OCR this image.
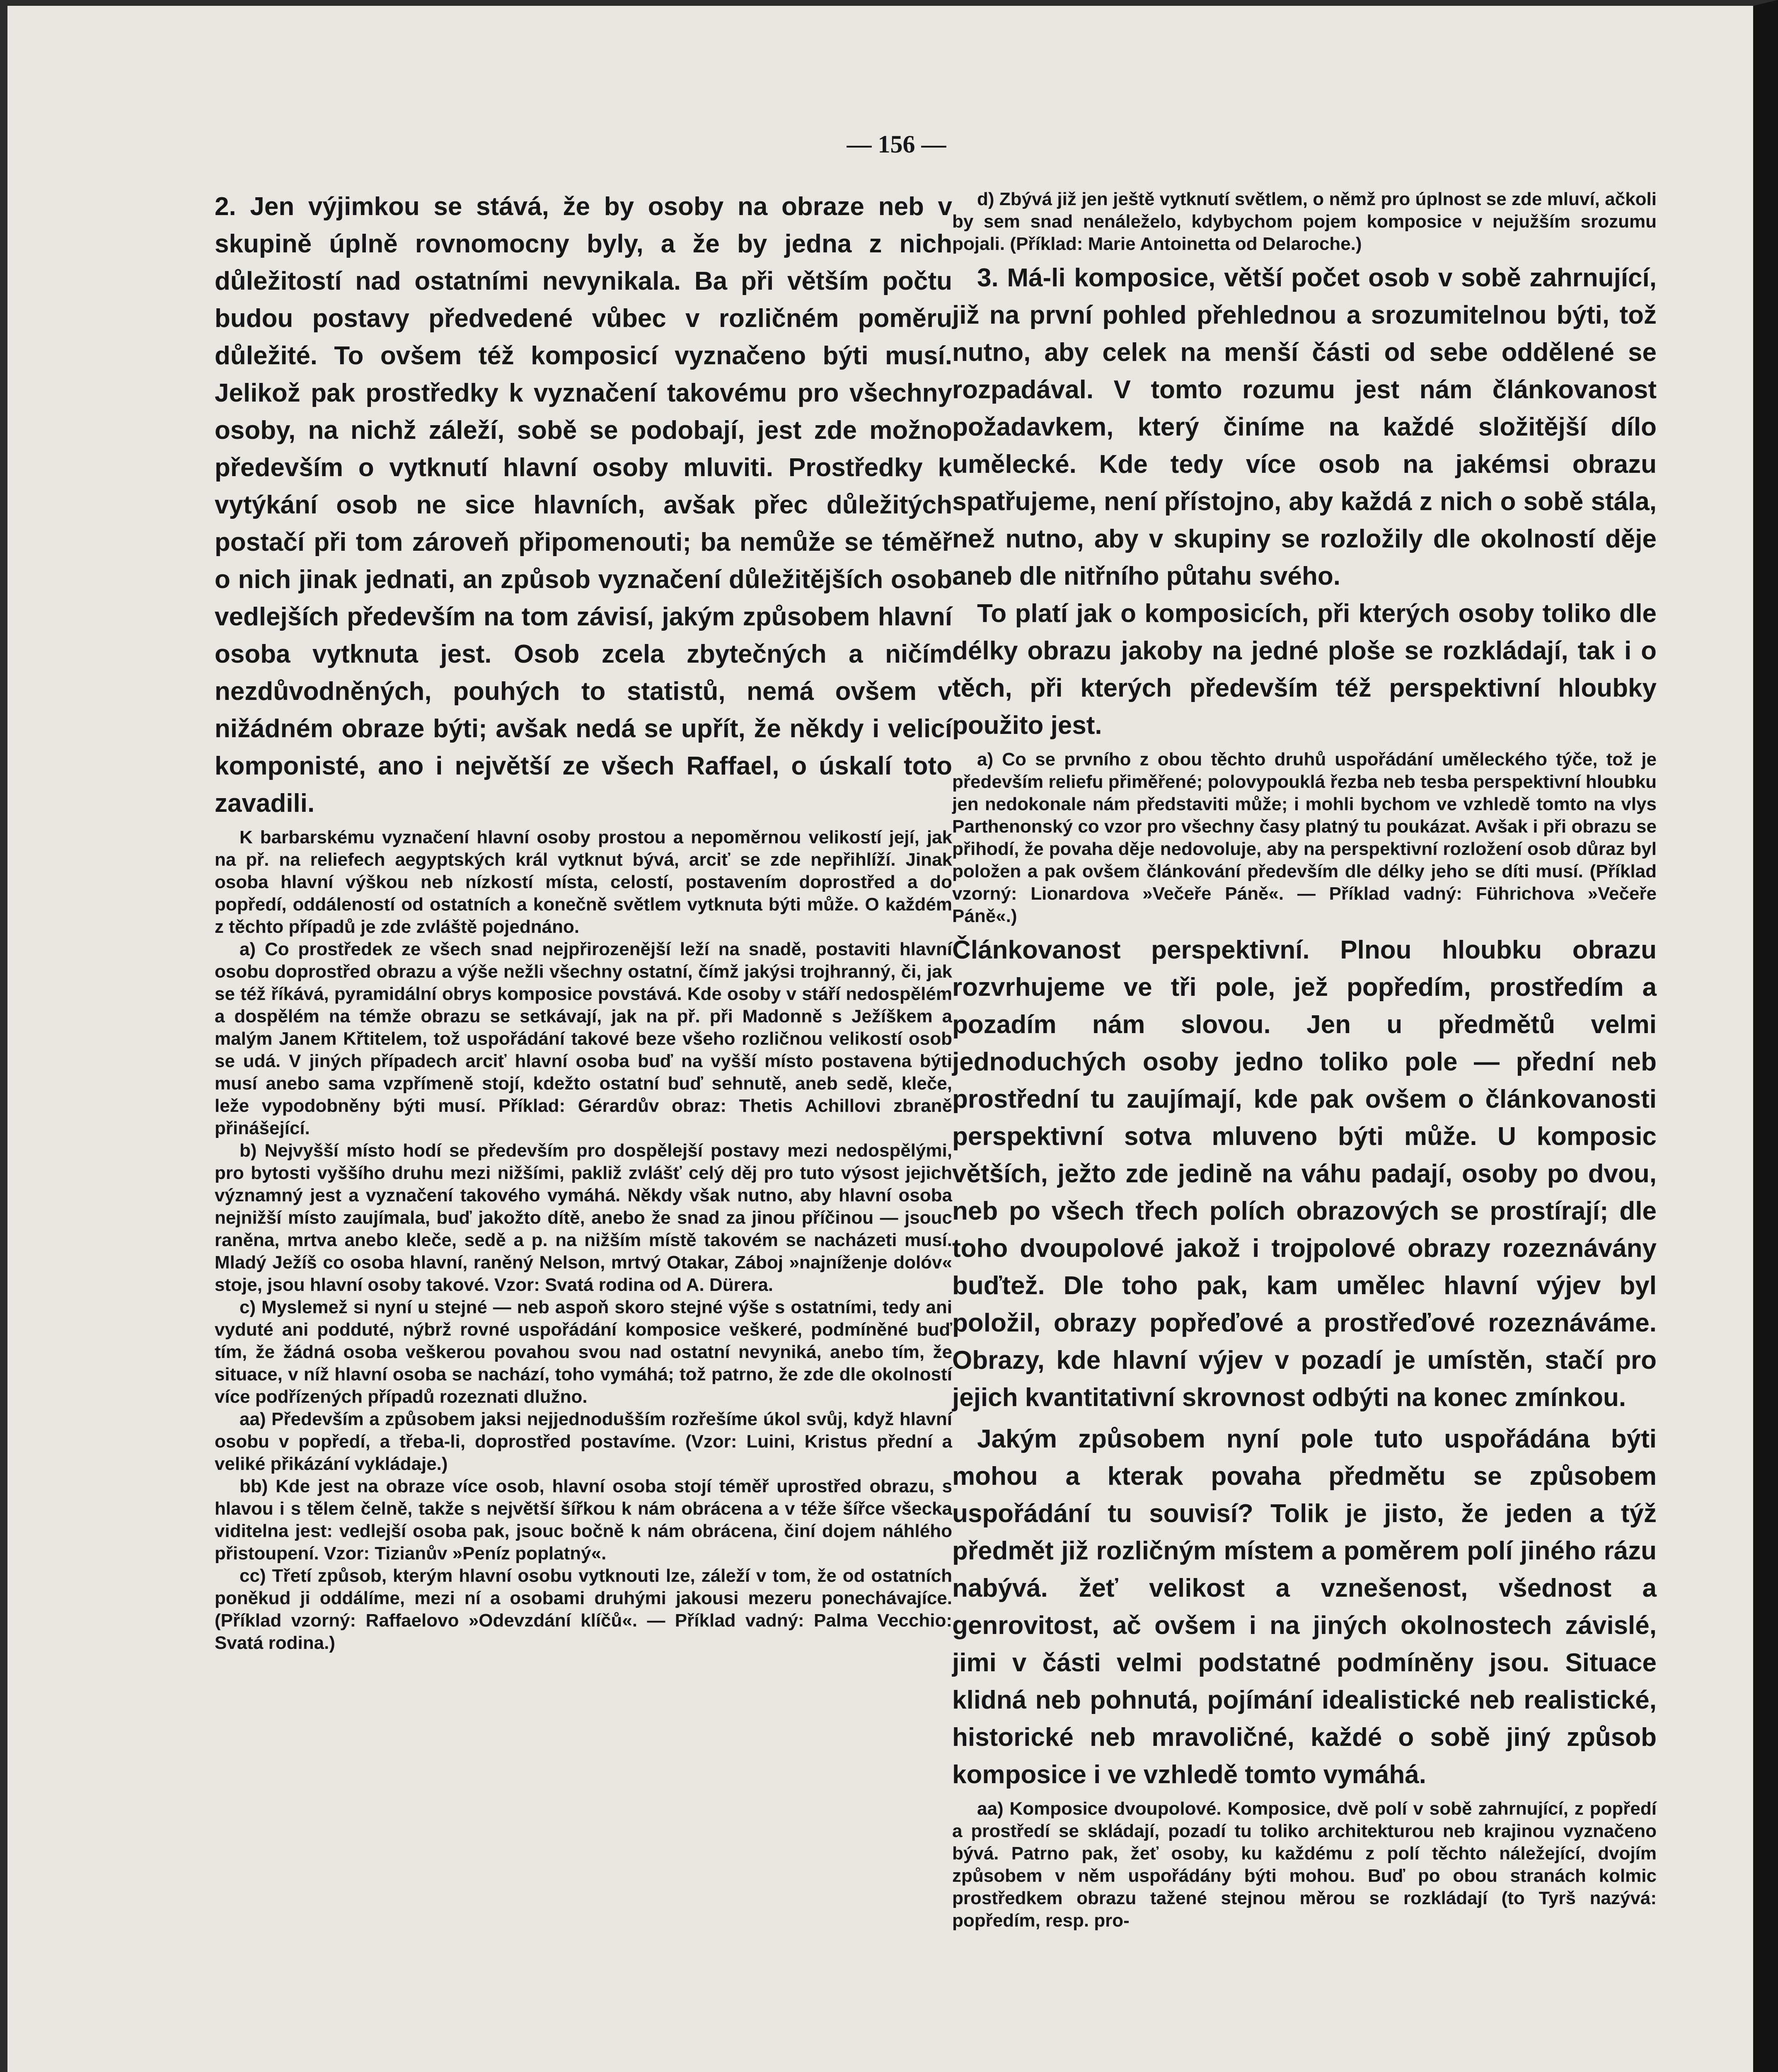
— 156 —

2. Jen výjimkou se stává, že by osoby na obraze neb v skupině úplně rovnomocny byly, a že by jedna z nich důležitostí nad ostatními nevynikala. Ba při větším počtu budou postavy předvedené vůbec v rozličném poměru důležité. To ovšem též komposicí vyznačeno býti musí. Jelikož pak prostředky k vyznačení takovému pro všechny osoby, na nichž záleží, sobě se podobají, jest zde možno především o vytknutí hlavní osoby mluviti. Prostředky k vytýkání osob ne sice hlavních, avšak přec důležitých postačí při tom zároveň připomenouti; ba nemůže se téměř o nich jinak jednati, an způsob vyznačení důležitějších osob vedlejších především na tom závisí, jakým způsobem hlavní osoba vytknuta jest. Osob zcela zbytečných a ničím nezdůvodněných, pouhých to statistů, nemá ovšem v nižádném obraze býti; avšak nedá se upřít, že někdy i velicí komponisté, ano i největší ze všech Raffael, o úskalí toto zavadili.

K barbarskému vyznačení hlavní osoby prostou a nepoměrnou velikostí její, jak na př. na reliefech aegyptských král vytknut bývá, arciť se zde nepřihlíží. Jinak osoba hlavní výškou neb nízkostí místa, celostí, postavením doprostřed a do popředí, oddáleností od ostatních a konečně světlem vytknuta býti může. O každém z těchto případů je zde zvláště pojednáno.

a) Co prostředek ze všech snad nejpřirozenější leží na snadě, postaviti hlavní osobu doprostřed obrazu a výše nežli všechny ostatní, čímž jakýsi trojhranný, či, jak se též říkává, pyramidální obrys komposice povstává. Kde osoby v stáří nedospělém a dospělém na témže obrazu se setkávají, jak na př. při Madonně s Ježíškem a malým Janem Křtitelem, tož uspořádání takové beze všeho rozličnou velikostí osob se udá. V jiných případech arciť hlavní osoba buď na vyšší místo postavena býti musí anebo sama vzpřímeně stojí, kdežto ostatní buď sehnutě, aneb sedě, kleče, leže vypodobněny býti musí. Příklad: Gérardův obraz: Thetis Achillovi zbraně přinášející.

b) Nejvyšší místo hodí se především pro dospělejší postavy mezi nedospělými, pro bytosti vyššího druhu mezi nižšími, pakliž zvlášť celý děj pro tuto výsost jejich významný jest a vyznačení takového vymáhá. Někdy však nutno, aby hlavní osoba nejnižší místo zaujímala, buď jakožto dítě, anebo že snad za jinou příčinou — jsouc raněna, mrtva anebo kleče, sedě a p. na nižším místě takovém se nacházeti musí. Mladý Ježíš co osoba hlavní, raněný Nelson, mrtvý Otakar, Záboj »najníženje dolóv« stoje, jsou hlavní osoby takové. Vzor: Svatá rodina od A. Dürera.

c) Myslemež si nyní u stejné — neb aspoň skoro stejné výše s ostatními, tedy ani vyduté ani podduté, nýbrž rovné uspořádání komposice veškeré, podmíněné buď tím, že žádná osoba veškerou povahou svou nad ostatní nevyniká, anebo tím, že situace, v níž hlavní osoba se nachází, toho vymáhá; tož patrno, že zde dle okolností více podřízených případů rozeznati dlužno.

aa) Především a způsobem jaksi nejjednodušším rozřešíme úkol svůj, když hlavní osobu v popředí, a třeba-li, doprostřed postavíme. (Vzor: Luini, Kristus přední a veliké přikázání vykládaje.)

bb) Kde jest na obraze více osob, hlavní osoba stojí téměř uprostřed obrazu, s hlavou i s tělem čelně, takže s největší šířkou k nám obrácena a v téže šířce všecka viditelna jest: vedlejší osoba pak, jsouc bočně k nám obrácena, činí dojem náhlého přistoupení. Vzor: Tizianův »Peníz poplatný«.

cc) Třetí způsob, kterým hlavní osobu vytknouti lze, záleží v tom, že od ostatních poněkud ji oddálíme, mezi ní a osobami druhými jakousi mezeru ponechávajíce. (Příklad vzorný: Raffaelovo »Odevzdání klíčů«. — Příklad vadný: Palma Vecchio: Svatá rodina.)

d) Zbývá již jen ještě vytknutí světlem, o němž pro úplnost se zde mluví, ačkoli by sem snad nenáleželo, kdybychom pojem komposice v nejužším srozumu pojali. (Příklad: Marie Antoinetta od Delaroche.)

3. Má-li komposice, větší počet osob v sobě zahrnující, již na první pohled přehlednou a srozumitelnou býti, tož nutno, aby celek na menší části od sebe oddělené se rozpadával. V tomto rozumu jest nám článkovanost požadavkem, který činíme na každé složitější dílo umělecké. Kde tedy více osob na jakémsi obrazu spatřujeme, není přístojno, aby každá z nich o sobě stála, než nutno, aby v skupiny se rozložily dle okolností děje aneb dle nitřního půtahu svého.

To platí jak o komposicích, při kterých osoby toliko dle délky obrazu jakoby na jedné ploše se rozkládají, tak i o těch, při kterých především též perspektivní hloubky použito jest.

a) Co se prvního z obou těchto druhů uspořádání uměleckého týče, tož je především reliefu přiměřené; polovypouklá řezba neb tesba perspektivní hloubku jen nedokonale nám představiti může; i mohli bychom ve vzhledě tomto na vlys Parthenonský co vzor pro všechny časy platný tu poukázat. Avšak i při obrazu se přihodí, že povaha děje nedovoluje, aby na perspektivní rozložení osob důraz byl položen a pak ovšem článkování především dle délky jeho se díti musí. (Příklad vzorný: Lionardova »Večeře Páně«. — Příklad vadný: Führichova »Večeře Páně«.)

Článkovanost perspektivní. Plnou hloubku obrazu rozvrhujeme ve tři pole, jež popředím, prostředím a pozadím nám slovou. Jen u předmětů velmi jednoduchých osoby jedno toliko pole — přední neb prostřední tu zaujímají, kde pak ovšem o článkovanosti perspektivní sotva mluveno býti může. U komposic větších, ježto zde jedině na váhu padají, osoby po dvou, neb po všech třech polích obrazových se prostírají; dle toho dvoupolové jakož i trojpolové obrazy rozeznávány buďtež. Dle toho pak, kam umělec hlavní výjev byl položil, obrazy popřeďové a prostřeďové rozeznáváme. Obrazy, kde hlavní výjev v pozadí je umístěn, stačí pro jejich kvantitativní skrovnost odbýti na konec zmínkou.

Jakým způsobem nyní pole tuto uspořádána býti mohou a kterak povaha předmětu se způsobem uspořádání tu souvisí? Tolik je jisto, že jeden a týž předmět již rozličným místem a poměrem polí jiného rázu nabývá. žeť velikost a vznešenost, všednost a genrovitost, ač ovšem i na jiných okolnostech závislé, jimi v části velmi podstatné podmíněny jsou. Situace klidná neb pohnutá, pojímání idealistické neb realistické, historické neb mravoličné, každé o sobě jiný způsob komposice i ve vzhledě tomto vymáhá.

aa) Komposice dvoupolové. Komposice, dvě polí v sobě zahrnující, z popředí a prostředí se skládají, pozadí tu toliko architekturou neb krajinou vyznačeno bývá. Patrno pak, žeť osoby, ku každému z polí těchto náležející, dvojím způsobem v něm uspořádány býti mohou. Buď po obou stranách kolmic prostředkem obrazu tažené stejnou měrou se rozkládají (to Tyrš nazývá: popředím, resp. pro-
